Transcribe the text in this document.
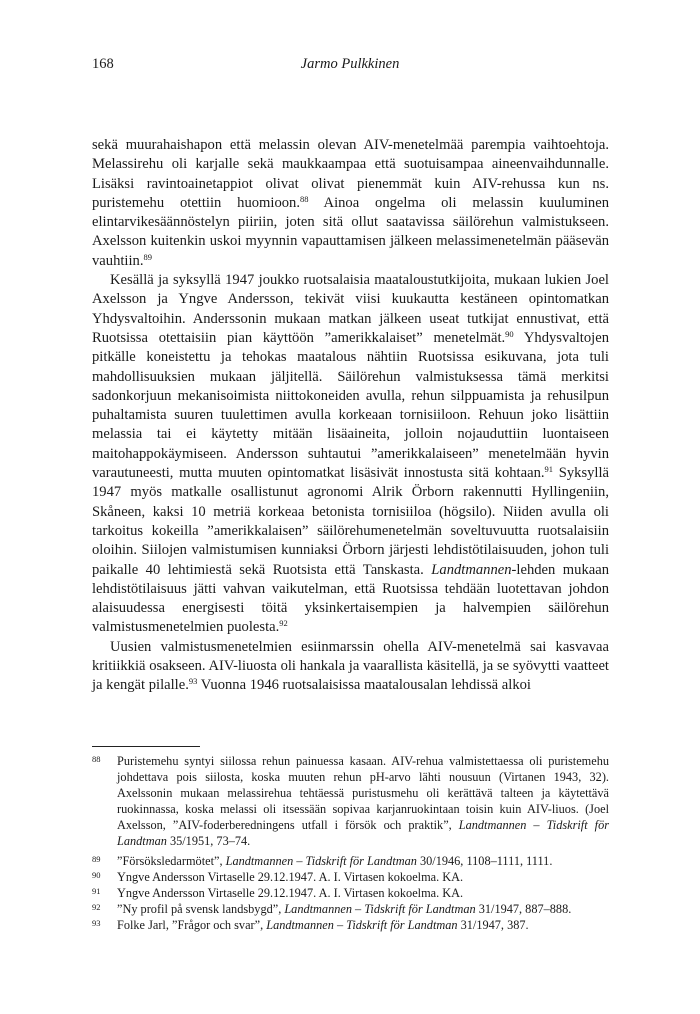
168	Jarmo Pulkkinen

sekä muurahaishapon että melassin olevan AIV-menetelmää parempia vaihtoehtoja. Melassirehu oli karjalle sekä maukkaampaa että suotuisampaa aineenvaihdunnalle. Lisäksi ravintoainetappiot olivat olivat pienemmät kuin AIV-rehussa kun ns. puristemehu otettiin huomioon.$^{88}$ Ainoa ongelma oli melassin kuuluminen elintarvikesäännöstelyn piiriin, joten sitä ollut saatavissa säilörehun valmistukseen. Axelsson kuitenkin uskoi myynnin vapauttamisen jälkeen melassimenetelmän pääsevän vauhtiin.$^{89}$

Kesällä ja syksyllä 1947 joukko ruotsalaisia maataloustutkijoita, mukaan lukien Joel Axelsson ja Yngve Andersson, tekivät viisi kuukautta kestäneen opintomatkan Yhdysvaltoihin. Anderssonin mukaan matkan jälkeen useat tutkijat ennustivat, että Ruotsissa otettaisiin pian käyttöön ”amerikkalaiset” menetelmät.$^{90}$ Yhdysvaltojen pitkälle koneistettu ja tehokas maatalous nähtiin Ruotsissa esikuvana, jota tuli mahdollisuuksien mukaan jäljitellä. Säilörehun valmistuksessa tämä merkitsi sadonkorjuun mekanisoimista niittokoneiden avulla, rehun silppuamista ja rehusilpun puhaltamista suuren tuulettimen avulla korkeaan tornisiiloon. Rehuun joko lisättiin melassia tai ei käytetty mitään lisäaineita, jolloin nojauduttiin luontaiseen maitohappokäymiseen. Andersson suhtautui ”amerikkalaiseen” menetelmään hyvin varautuneesti, mutta muuten opintomatkat lisäsivät innostusta sitä kohtaan.$^{91}$ Syksyllä 1947 myös matkalle osallistunut agronomi Alrik Örborn rakennutti Hyllingeniin, Skåneen, kaksi 10 metriä korkeaa betonista tornisiiloa (högsilo). Niiden avulla oli tarkoitus kokeilla ”amerikkalaisen” säilörehumenetelmän soveltuvuutta ruotsalaisiin oloihin. Siilojen valmistumisen kunniaksi Örborn järjesti lehdistötilaisuuden, johon tuli paikalle 40 lehtimiestä sekä Ruotsista että Tanskasta. Landtmannen-lehden mukaan lehdistötilaisuus jätti vahvan vaikutelman, että Ruotsissa tehdään luotettavan johdon alaisuudessa energisesti töitä yksinkertaisempien ja halvempien säilörehun valmistusmenetelmien puolesta.$^{92}$

Uusien valmistusmenetelmien esiinmarssin ohella AIV-menetelmä sai kasvavaa kritiikkiä osakseen. AIV-liuosta oli hankala ja vaarallista käsitellä, ja se syövytti vaatteet ja kengät pilalle.$^{93}$ Vuonna 1946 ruotsalaisissa maatalousalan lehdissä alkoi

88	Puristemehu syntyi siilossa rehun painuessa kasaan. AIV-rehua valmistettaessa oli puristemehu johdettava pois siilosta, koska muuten rehun pH-arvo lähti nousuun (Virtanen 1943, 32). Axelssonin mukaan melassirehua tehtäessä puristusmehu oli kerättävä talteen ja käytettävä ruokinnassa, koska melassi oli itsessään sopivaa karjanruokintaan toisin kuin AIV-liuos. (Joel Axelsson, ”AIV-foderberedningens utfall i försök och praktik”, Landtmannen – Tidskrift för Landtman 35/1951, 73–74.
89	”Försöksledarmötet”, Landtmannen – Tidskrift för Landtman 30/1946, 1108–1111, 1111.
90	Yngve Andersson Virtaselle 29.12.1947. A. I. Virtasen kokoelma. KA.
91	Yngve Andersson Virtaselle 29.12.1947. A. I. Virtasen kokoelma. KA.
92	”Ny profil på svensk landsbygd”, Landtmannen – Tidskrift för Landtman 31/1947, 887–888.
93	Folke Jarl, ”Frågor och svar”, Landtmannen – Tidskrift för Landtman 31/1947, 387.
